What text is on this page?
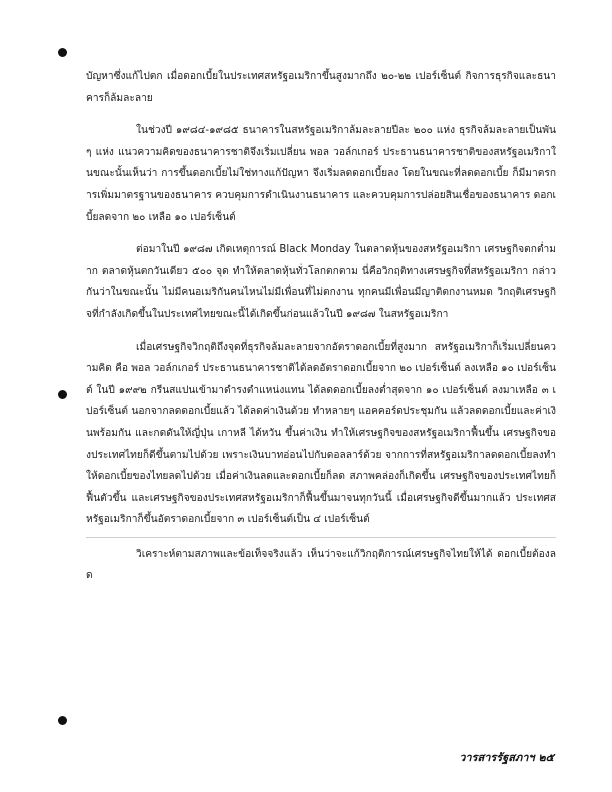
บัญหาซึ่งแก้ไปตก เมื่อดอกเบี้ยในประเทศสหรัฐอเมริกาขึ้นสูงมากถึง ๒๐-๒๒ เปอร์เซ็นต์ กิจการธุรกิจและธนาคารก็ล้มละลาย

ในช่วงปี ๑๙๘๔-๑๙๘๕ ธนาคารในสหรัฐอเมริกาล้มละลายปีละ ๒๐๐ แห่ง ธุรกิจล้มละลายเป็นพัน ๆ แห่ง แนวความคิดของธนาคารชาติจึงเริ่มเปลี่ยน พอล วอล์กเกอร์ ประธานธนาคารชาติของสหรัฐอเมริกาในขณะนั้นเห็นว่า การขึ้นดอกเบี้ยไม่ใช่ทางแก้ปัญหา จึงเริ่มลดดอกเบี้ยลง โดยในขณะที่ลดดอกเบี้ย ก็มีมาตรการเพิ่มมาตรฐานของธนาคาร ควบคุมการดำเนินงานธนาคาร และควบคุมการปล่อยสินเชื่อของธนาคาร ดอกเบี้ยลดจาก ๒๐ เหลือ ๑๐ เปอร์เซ็นต์

ต่อมาในปี ๑๙๘๗ เกิดเหตุการณ์ Black Monday ในตลาดหุ้นของสหรัฐอเมริกา เศรษฐกิจตกต่ำมาก ตลาดหุ้นตกวันเดียว ๕๐๐ จุด ทำให้ตลาดหุ้นทั่วโลกตกตาม นี่คือวิกฤติทางเศรษฐกิจที่สหรัฐอเมริกา กล่าวกันว่าในขณะนั้น ไม่มีคนอเมริกันคนไหนไม่มีเพื่อนที่ไม่ตกงาน ทุกคนมีเพื่อนมีญาติตกงานหมด วิกฤติเศรษฐกิจที่กำลังเกิดขึ้นในประเทศไทยขณะนี้ได้เกิดขึ้นก่อนแล้วในปี ๑๙๘๗ ในสหรัฐอเมริกา

เมื่อเศรษฐกิจวิกฤติถึงจุดที่ธุรกิจล้มละลายจากอัตราดอกเบี้ยที่สูงมาก สหรัฐอเมริกาก็เริ่มเปลี่ยนความคิด คือ พอล วอล์กเกอร์ ประธานธนาคารชาติได้ลดอัตราดอกเบี้ยจาก ๒๐ เปอร์เซ็นต์ ลงเหลือ ๑๐ เปอร์เซ็นต์ ในปี ๑๙๙๒ กรีนสแปนเข้ามาดำรงตำแหน่งแทน ได้ลดดอกเบี้ยลงต่ำสุดจาก ๑๐ เปอร์เซ็นต์ ลงมาเหลือ ๓ เปอร์เซ็นต์ นอกจากลดดอกเบี้ยแล้ว ได้ลดค่าเงินด้วย ทำหลายๆ แอคคอร์ดประชุมกัน แล้วลดดอกเบี้ยและค่าเงินพร้อมกัน และกดดันให้ญี่ปุ่น เกาหลี ได้หวัน ขึ้นค่าเงิน ทำให้เศรษฐกิจของสหรัฐอเมริกาฟื้นขึ้น เศรษฐกิจของประเทศไทยก็ดีขึ้นตามไปด้วย เพราะเงินบาทอ่อนไปกับดอลลาร์ด้วย จากการที่สหรัฐอเมริกาลดดอกเบี้ยลงทำให้ดอกเบี้ยของไทยลดไปด้วย เมื่อค่าเงินลดและดอกเบี้ยก็ลด สภาพคล่องก็เกิดขึ้น เศรษฐกิจของประเทศไทยก็ฟื้นตัวขึ้น และเศรษฐกิจของประเทศสหรัฐอเมริกาก็ฟื้นขึ้นมาจนทุกวันนี้ เมื่อเศรษฐกิจดีขึ้นมากแล้ว ประเทศสหรัฐอเมริกาก็ขึ้นอัตราดอกเบี้ยจาก ๓ เปอร์เซ็นต์เป็น ๔ เปอร์เซ็นต์

วิเคราะห์ตามสภาพและข้อเท็จจริงแล้ว เห็นว่าจะแก้วิกฤติการณ์เศรษฐกิจไทยให้ได้ ดอกเบี้ยต้องลด

วารสารรัฐสภาฯ ๒๕
